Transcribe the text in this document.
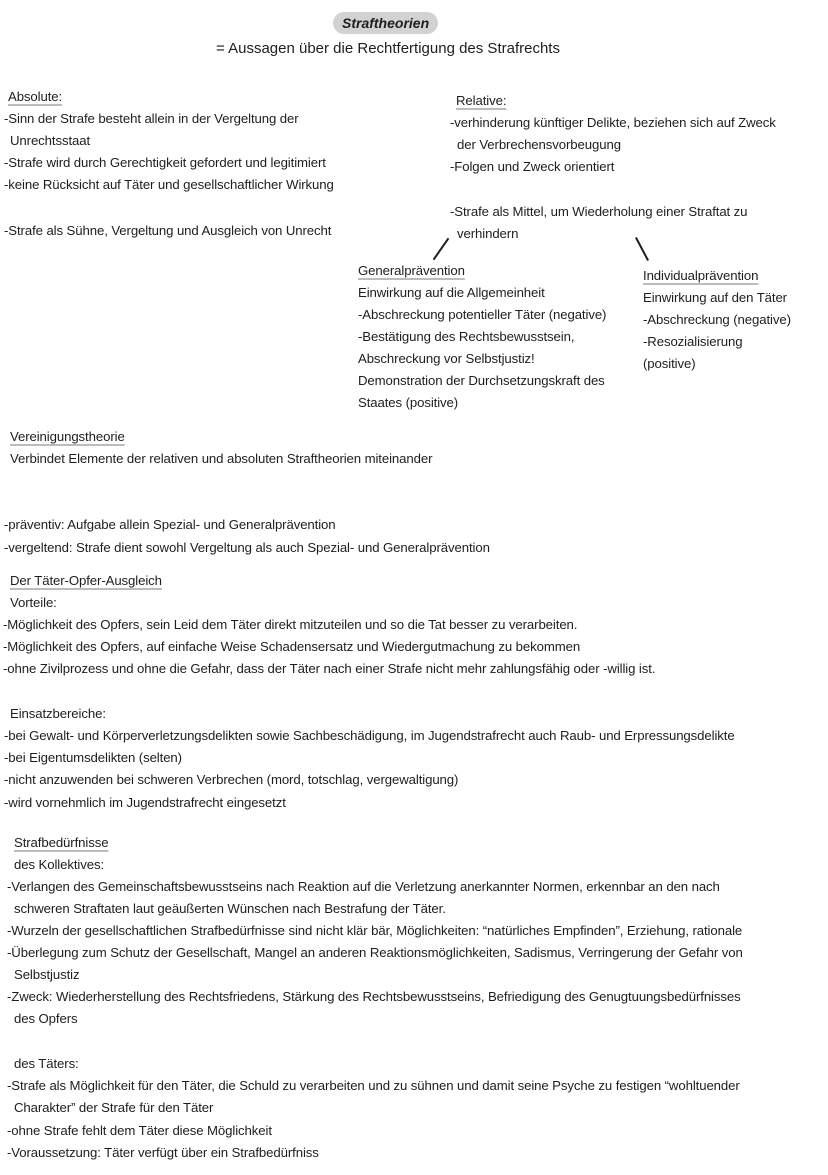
Straftheorien
= Aussagen über die Rechtfertigung des Strafrechts
Absolute:
-Sinn der Strafe besteht allein in der Vergeltung der
Unrechtsstaat
-Strafe wird durch Gerechtigkeit gefordert und legitimiert
-keine Rücksicht auf Täter und gesellschaftlicher Wirkung
-Strafe als Sühne, Vergeltung und Ausgleich von Unrecht
Relative:
-verhinderung künftiger Delikte, beziehen sich auf Zweck
der Verbrechensvorbeugung
-Folgen und Zweck orientiert
-Strafe als Mittel, um Wiederholung einer Straftat zu
verhindern
Generalprävention
Einwirkung auf die Allgemeinheit
-Abschreckung potentieller Täter (negative)
-Bestätigung des Rechtsbewusstsein,
Abschreckung vor Selbstjustiz!
Demonstration der Durchsetzungskraft des
Staates (positive)
Individualprävention
Einwirkung auf den Täter
-Abschreckung (negative)
-Resozialisierung
(positive)
Vereinigungstheorie
Verbindet Elemente der relativen und absoluten Straftheorien miteinander
-präventiv: Aufgabe allein Spezial- und Generalprävention
-vergeltend: Strafe dient sowohl Vergeltung als auch Spezial- und Generalprävention
Der Täter-Opfer-Ausgleich
Vorteile:
-Möglichkeit des Opfers, sein Leid dem Täter direkt mitzuteilen und so die Tat besser zu verarbeiten.
-Möglichkeit des Opfers, auf einfache Weise Schadensersatz und Wiedergutmachung zu bekommen
-ohne Zivilprozess und ohne die Gefahr, dass der Täter nach einer Strafe nicht mehr zahlungsfähig oder -willig ist.
Einsatzbereiche:
-bei Gewalt- und Körperverletzungsdelikten sowie Sachbeschädigung, im Jugendstrafrecht auch Raub- und Erpressungsdelikte
-bei Eigentumsdelikten (selten)
-nicht anzuwenden bei schweren Verbrechen (mord, totschlag, vergewaltigung)
-wird vornehmlich im Jugendstrafrecht eingesetzt
Strafbedürfnisse
des Kollektives:
-Verlangen des Gemeinschaftsbewusstseins nach Reaktion auf die Verletzung anerkannter Normen, erkennbar an den nach
schweren Straftaten laut geäußerten Wünschen nach Bestrafung der Täter.
-Wurzeln der gesellschaftlichen Strafbedürfnisse sind nicht klär bär, Möglichkeiten: “natürliches Empfinden”, Erziehung, rationale
-Überlegung zum Schutz der Gesellschaft, Mangel an anderen Reaktionsmöglichkeiten, Sadismus, Verringerung der Gefahr von
Selbstjustiz
-Zweck: Wiederherstellung des Rechtsfriedens, Stärkung des Rechtsbewusstseins, Befriedigung des Genugtuungsbedürfnisses
des Opfers
des Täters:
-Strafe als Möglichkeit für den Täter, die Schuld zu verarbeiten und zu sühnen und damit seine Psyche zu festigen “wohltuender
Charakter” der Strafe für den Täter
-ohne Strafe fehlt dem Täter diese Möglichkeit
-Voraussetzung: Täter verfügt über ein Strafbedürfniss
